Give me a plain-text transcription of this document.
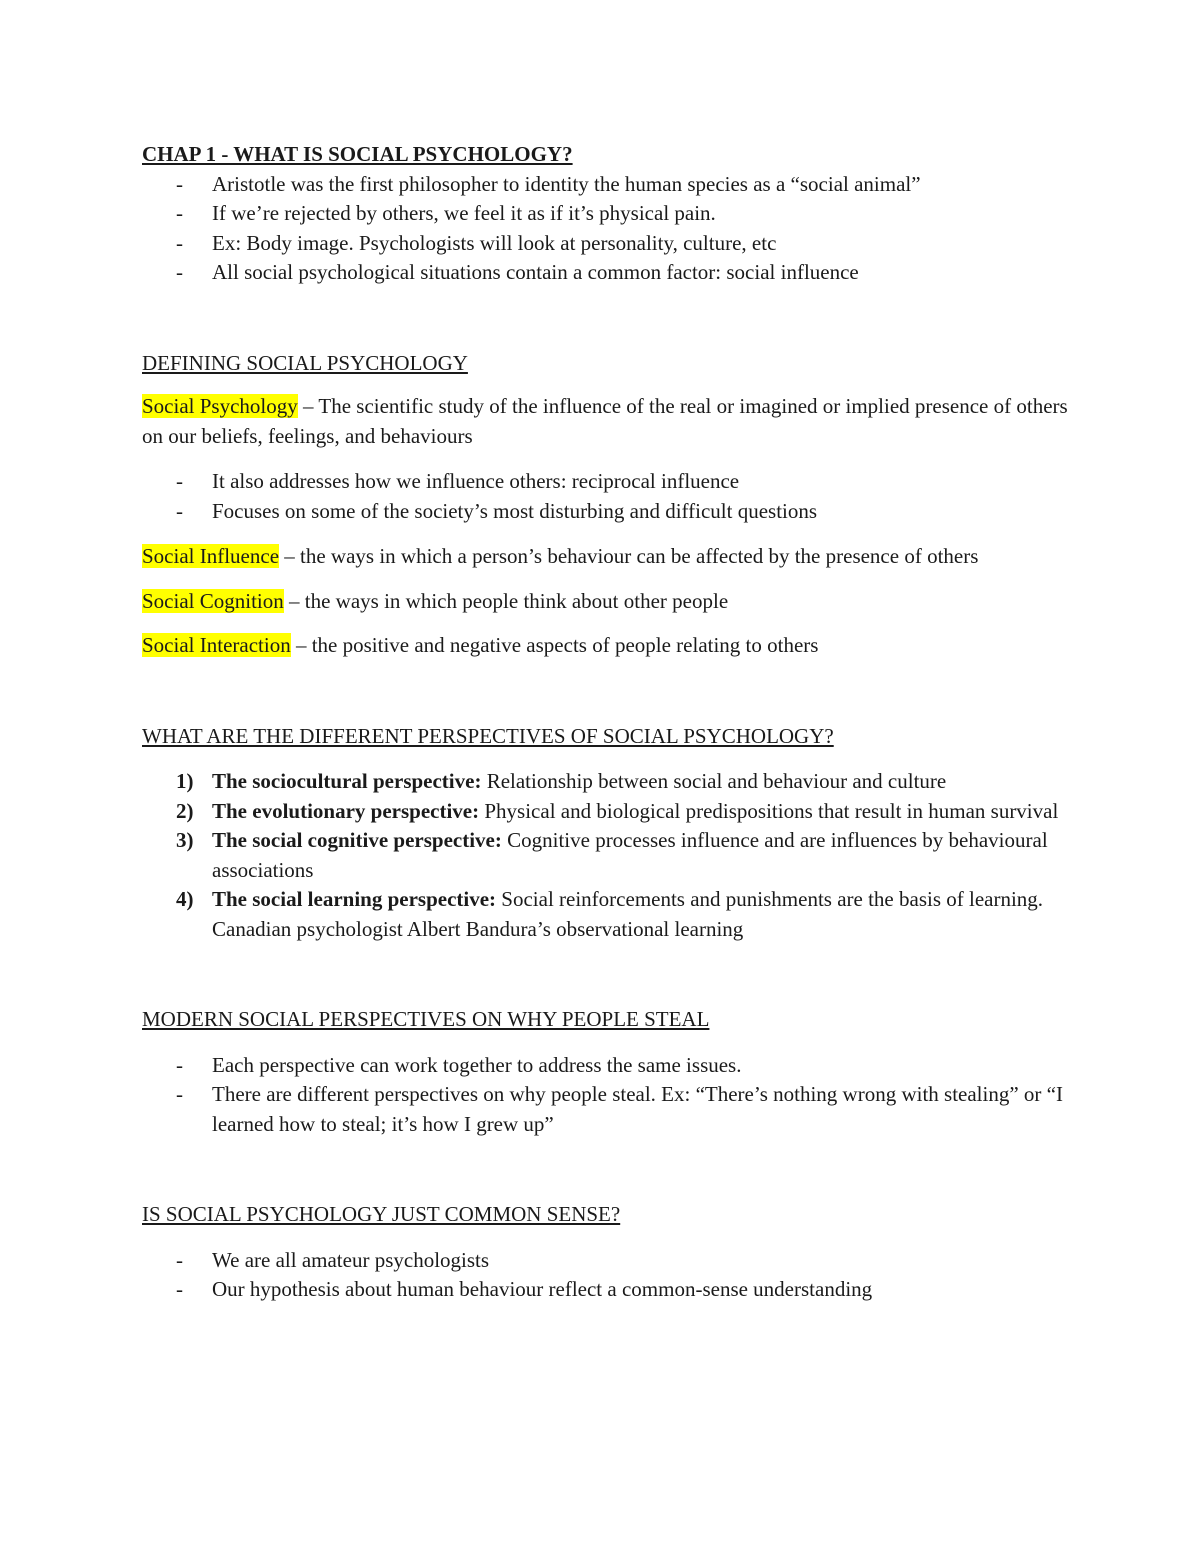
CHAP 1 - WHAT IS SOCIAL PSYCHOLOGY?
- Aristotle was the first philosopher to identity the human species as a “social animal”
- If we’re rejected by others, we feel it as if it’s physical pain.
- Ex: Body image. Psychologists will look at personality, culture, etc
- All social psychological situations contain a common factor: social influence
DEFINING SOCIAL PSYCHOLOGY

Social Psychology – The scientific study of the influence of the real or imagined or implied presence of others on our beliefs, feelings, and behaviours

- It also addresses how we influence others: reciprocal influence
- Focuses on some of the society’s most disturbing and difficult questions

Social Influence – the ways in which a person’s behaviour can be affected by the presence of others

Social Cognition – the ways in which people think about other people

Social Interaction – the positive and negative aspects of people relating to others

WHAT ARE THE DIFFERENT PERSPECTIVES OF SOCIAL PSYCHOLOGY?
1) The sociocultural perspective: Relationship between social and behaviour and culture
2) The evolutionary perspective: Physical and biological predispositions that result in human survival
3) The social cognitive perspective: Cognitive processes influence and are influences by behavioural associations
4) The social learning perspective: Social reinforcements and punishments are the basis of learning. Canadian psychologist Albert Bandura’s observational learning
MODERN SOCIAL PERSPECTIVES ON WHY PEOPLE STEAL
- Each perspective can work together to address the same issues.
- There are different perspectives on why people steal. Ex: “There’s nothing wrong with stealing” or “I learned how to steal; it’s how I grew up”
IS SOCIAL PSYCHOLOGY JUST COMMON SENSE?
- We are all amateur psychologists
- Our hypothesis about human behaviour reflect a common-sense understanding
